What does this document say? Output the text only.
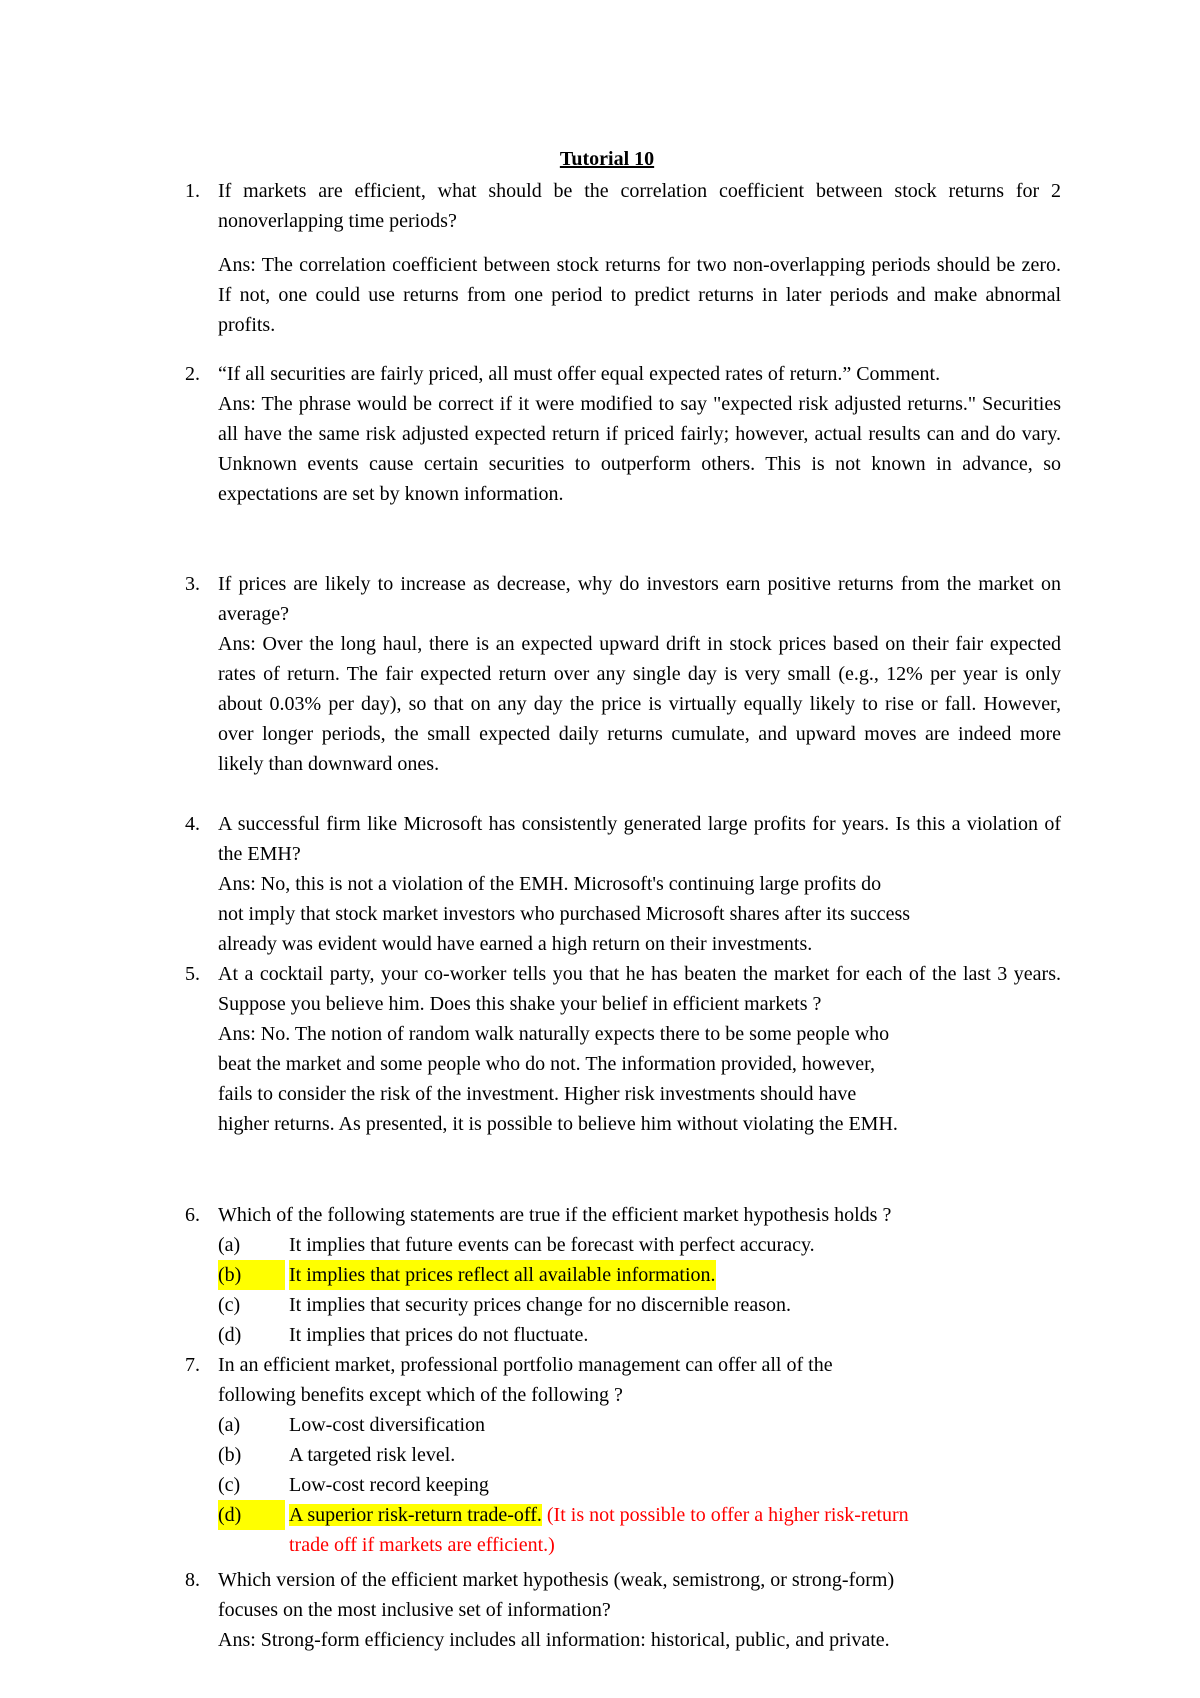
Tutorial 10
1. If markets are efficient, what should be the correlation coefficient between stock returns for 2 nonoverlapping time periods?
Ans: The correlation coefficient between stock returns for two non-overlapping periods should be zero. If not, one could use returns from one period to predict returns in later periods and make abnormal profits.
2. “If all securities are fairly priced, all must offer equal expected rates of return.” Comment.
Ans: The phrase would be correct if it were modified to say "expected risk adjusted returns." Securities all have the same risk adjusted expected return if priced fairly; however, actual results can and do vary. Unknown events cause certain securities to outperform others. This is not known in advance, so expectations are set by known information.
3. If prices are likely to increase as decrease, why do investors earn positive returns from the market on average?
Ans: Over the long haul, there is an expected upward drift in stock prices based on their fair expected rates of return. The fair expected return over any single day is very small (e.g., 12% per year is only about 0.03% per day), so that on any day the price is virtually equally likely to rise or fall. However, over longer periods, the small expected daily returns cumulate, and upward moves are indeed more likely than downward ones.
4. A successful firm like Microsoft has consistently generated large profits for years. Is this a violation of the EMH?
Ans: No, this is not a violation of the EMH. Microsoft's continuing large profits do
not imply that stock market investors who purchased Microsoft shares after its success
already was evident would have earned a high return on their investments.
5. At a cocktail party, your co-worker tells you that he has beaten the market for each of the last 3 years. Suppose you believe him. Does this shake your belief in efficient markets ?
Ans: No. The notion of random walk naturally expects there to be some people who
beat the market and some people who do not. The information provided, however,
fails to consider the risk of the investment. Higher risk investments should have
higher returns. As presented, it is possible to believe him without violating the EMH.
6. Which of the following statements are true if the efficient market hypothesis holds ?
(a) It implies that future events can be forecast with perfect accuracy.
(b)	It implies that prices reflect all available information.
(c) It implies that security prices change for no discernible reason.
(d) It implies that prices do not fluctuate.
7. In an efficient market, professional portfolio management can offer all of the
following benefits except which of the following ?
(a) Low-cost diversification
(b) A targeted risk level.
(c) Low-cost record keeping
(d)	A superior risk-return trade-off. (It is not possible to offer a higher risk-return
trade off if markets are efficient.)
8. Which version of the efficient market hypothesis (weak, semistrong, or strong-form)
focuses on the most inclusive set of information?
Ans: Strong-form efficiency includes all information: historical, public, and private.
